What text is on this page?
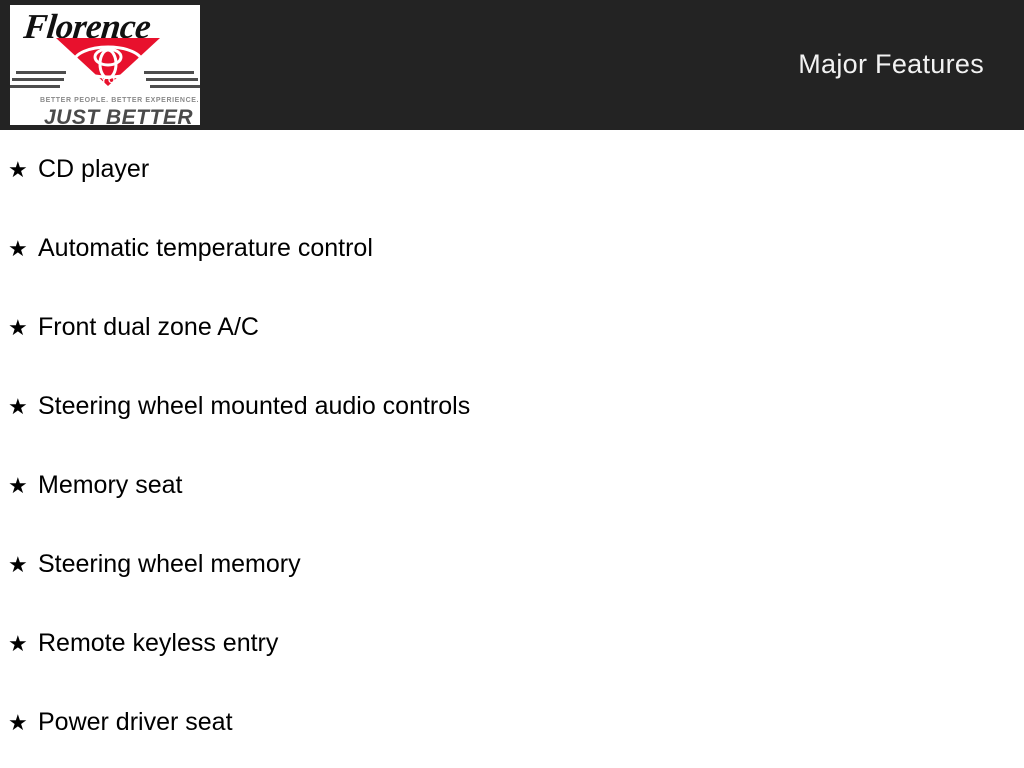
Florence
TOYOTA
BETTER PEOPLE. BETTER EXPERIENCE.
JUST BETTER
Major Features
★ CD player
★ Automatic temperature control
★ Front dual zone A/C
★ Steering wheel mounted audio controls
★ Memory seat
★ Steering wheel memory
★ Remote keyless entry
★ Power driver seat
